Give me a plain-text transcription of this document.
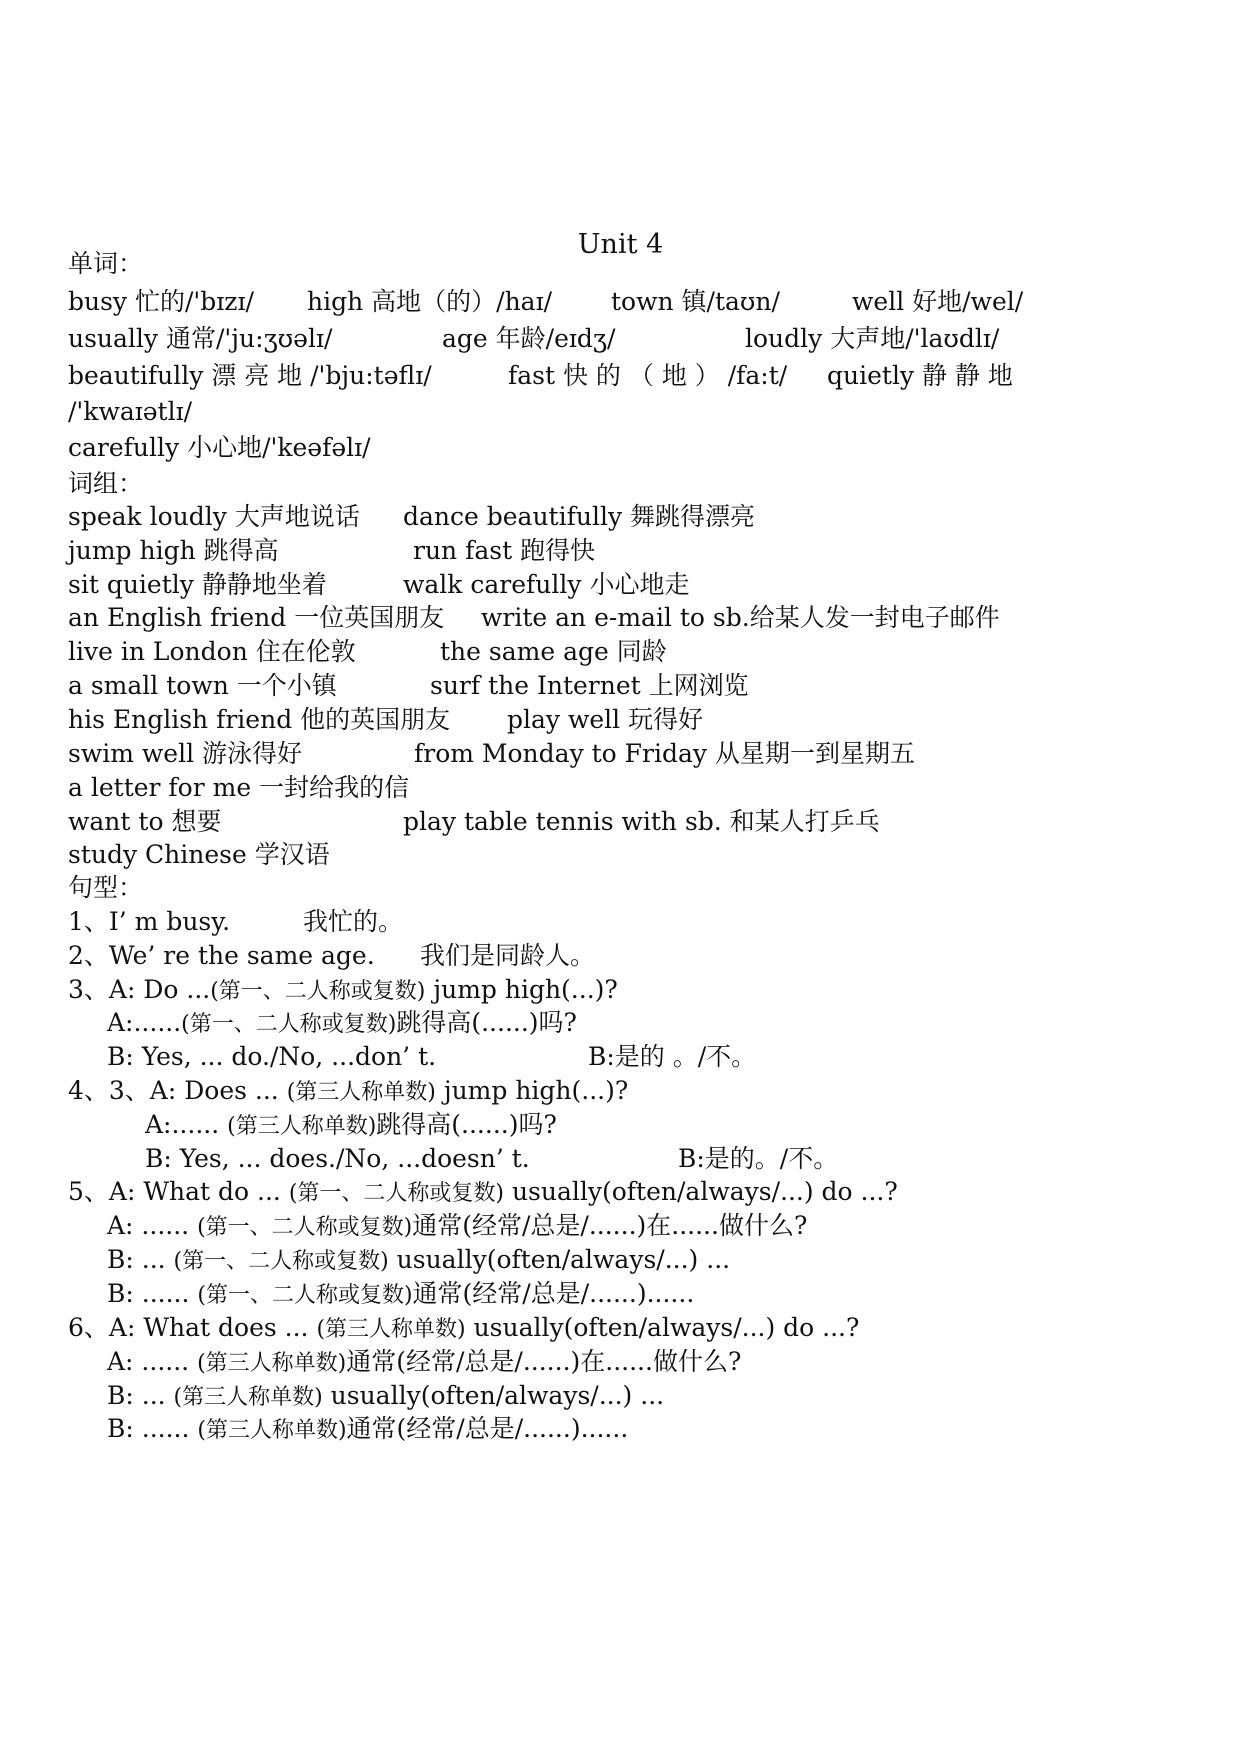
Unit 4
单词：
busy 忙的/'bɪzɪ/ high 高地（的）/haɪ/ town 镇/taʊn/	well 好地/wel/
usually 通常/'ju:ʒʊəlɪ/	age 年龄/eɪdʒ/	loudly 大声地/'laʊdlɪ/
beautifully 漂 亮 地 /'bju:təflɪ/	fast 快 的 （ 地 ） /fa:t/ quietly 静 静 地
/'kwaɪətlɪ/
carefully 小心地/'keəfəlɪ/
词组：
speak loudly 大声地说话 dance beautifully 舞跳得漂亮
jump high 跳得高	run fast 跑得快
sit quietly 静静地坐着	walk carefully 小心地走
an English friend 一位英国朋友 write an e-mail to sb.给某人发一封电子邮件
live in London 住在伦敦	the same age 同龄
a small town 一个小镇	surf the Internet 上网浏览
his English friend 他的英国朋友 play well 玩得好
swim well 游泳得好	from Monday to Friday 从星期一到星期五
a letter for me 一封给我的信
want to 想要	play table tennis with sb. 和某人打乒乓
study Chinese 学汉语
句型：
1、I’ m busy.	我忙的。
2、We’ re the same age. 我们是同龄人。
3、A: Do ...(第一、二人称或复数) jump high(...)?
A:......(第一、二人称或复数)跳得高(......)吗?
B: Yes, ... do./No, ...don’ t.	B:是的 。/不。
4、3、A: Does ... (第三人称单数) jump high(...)?
A:...... (第三人称单数)跳得高(......)吗?
B: Yes, ... does./No, ...doesn’ t.	B:是的。/不。
5、A: What do ... (第一、二人称或复数) usually(often/always/...) do ...?
A: ...... (第一、二人称或复数)通常(经常/总是/......)在......做什么?
B: ... (第一、二人称或复数) usually(often/always/...) ...
B: ...... (第一、二人称或复数)通常(经常/总是/......)......
6、A: What does ... (第三人称单数) usually(often/always/...) do ...?
A: ...... (第三人称单数)通常(经常/总是/......)在......做什么?
B: ... (第三人称单数) usually(often/always/...) ...
B: ...... (第三人称单数)通常(经常/总是/......)......
